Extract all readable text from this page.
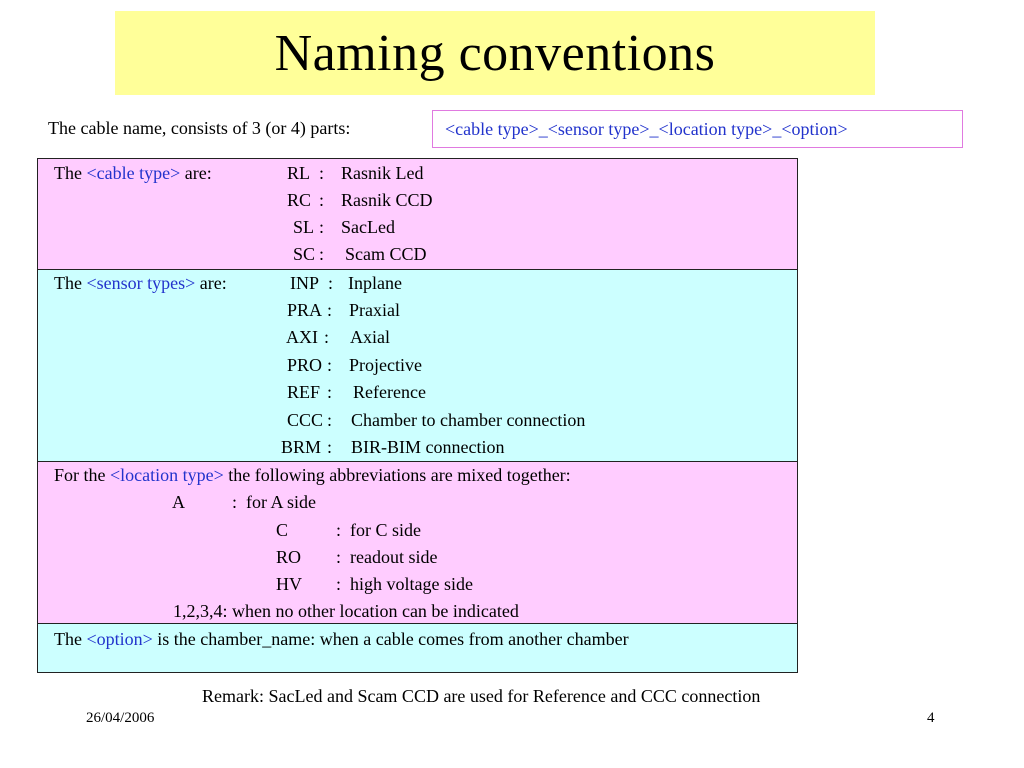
Naming conventions
The cable name, consists of 3 (or 4) parts:	<cable type>_<sensor type>_<location type>_<option>
The <cable type> are:	RL : Rasnik Led
RC : Rasnik CCD
SL : SacLed
SC : Scam CCD
The <sensor types> are:	INP : Inplane
PRA : Praxial
AXI : Axial
PRO : Projective
REF : Reference
CCC : Chamber to chamber connection
BRM : BIR-BIM connection
For the <location type> the following abbreviations are mixed together:
A	: for A side
C	: for C side
RO : readout side
HV : high voltage side
1,2,3,4: when no other location can be indicated
The <option> is the chamber_name: when a cable comes from another chamber
Remark: SacLed and Scam CCD are used for Reference and CCC connection
26/04/2006	4
